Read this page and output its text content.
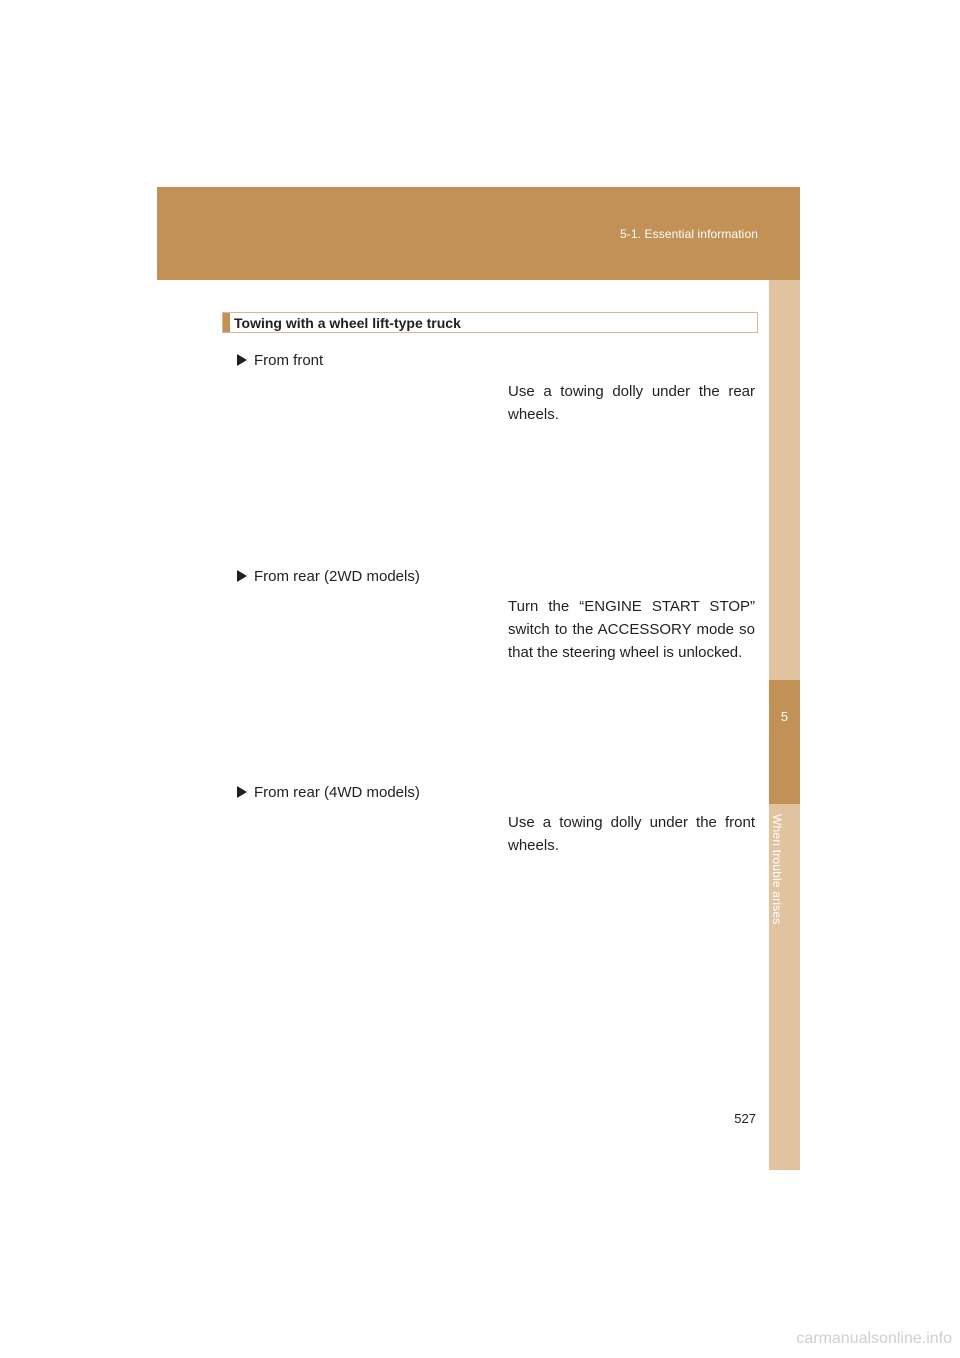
5-1. Essential information
5
When trouble arises
Towing with a wheel lift-type truck
From front
Use a towing dolly under the rear wheels.
From rear (2WD models)
Turn the “ENGINE START STOP” switch to the ACCESSORY mode so that the steering wheel is unlocked.
From rear (4WD models)
Use a towing dolly under the front wheels.
527
carmanualsonline.info
